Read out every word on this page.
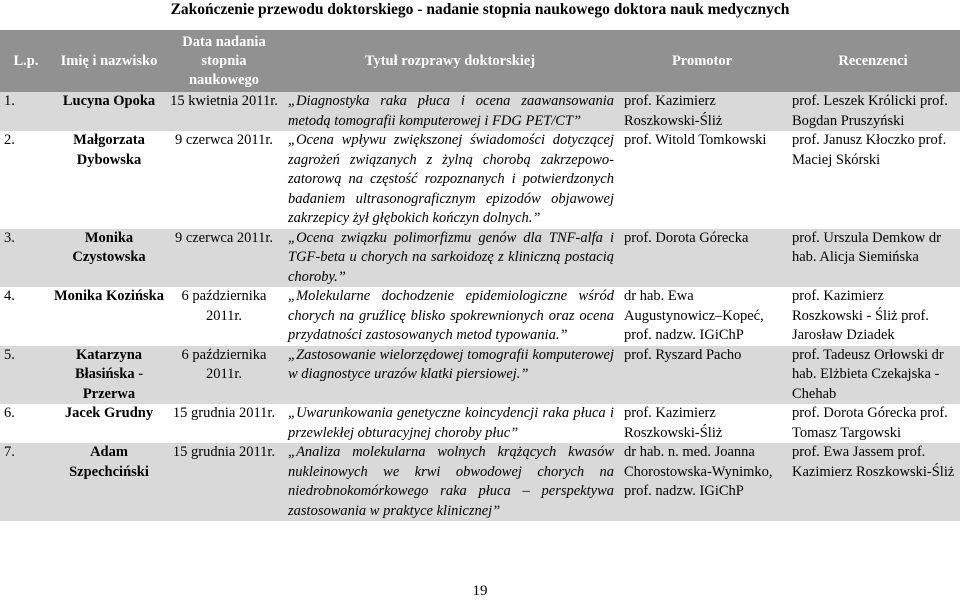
Zakończenie przewodu doktorskiego - nadanie stopnia naukowego doktora nauk medycznych
L.p.	Imię i nazwisko	Data nadania stopnia naukowego	Tytuł rozprawy doktorskiej	Promotor	Recenzenci
1.	Lucyna Opoka	15 kwietnia 2011r.	„Diagnostyka raka płuca i ocena zaawansowania metodą tomografii komputerowej i FDG PET/CT”	prof. Kazimierz Roszkowski-Śliż	prof. Leszek Królicki prof. Bogdan Pruszyński
2.	Małgorzata Dybowska	9 czerwca 2011r.	„Ocena wpływu zwiększonej świadomości dotyczącej zagrożeń związanych z żylną chorobą zakrzepowo-zatorową na częstość rozpoznanych i potwierdzonych badaniem ultrasonograficznym epizodów objawowej zakrzepicy żył głębokich kończyn dolnych.”	prof. Witold Tomkowski	prof. Janusz Kłoczko prof. Maciej Skórski
3.	Monika Czystowska	9 czerwca 2011r.	„Ocena związku polimorfizmu genów dla TNF-alfa i TGF-beta u chorych na sarkoidozę z kliniczną postacią choroby.”	prof. Dorota Górecka	prof. Urszula Demkow dr hab. Alicja Siemińska
4.	Monika Kozińska	6 października 2011r.	„Molekularne dochodzenie epidemiologiczne wśród chorych na gruźlicę blisko spokrewnionych oraz ocena przydatności zastosowanych metod typowania.”	dr hab. Ewa Augustynowicz–Kopeć, prof. nadzw. IGiChP	prof. Kazimierz Roszkowski - Śliż prof. Jarosław Dziadek
5.	Katarzyna Błasińska - Przerwa	6 października 2011r.	„Zastosowanie wielorzędowej tomografii komputerowej w diagnostyce urazów klatki piersiowej.”	prof. Ryszard Pacho	prof. Tadeusz Orłowski dr hab. Elżbieta Czekajska - Chehab
6.	Jacek Grudny	15 grudnia 2011r.	„Uwarunkowania genetyczne koincydencji raka płuca i przewlekłej obturacyjnej choroby płuc”	prof. Kazimierz Roszkowski-Śliż	prof. Dorota Górecka prof. Tomasz Targowski
7.	Adam Szpechciński	15 grudnia 2011r.	„Analiza molekularna wolnych krążących kwasów nukleinowych we krwi obwodowej chorych na niedrobnokomórkowego raka płuca – perspektywa zastosowania w praktyce klinicznej”	dr hab. n. med. Joanna Chorostowska-Wynimko, prof. nadzw. IGiChP	prof. Ewa Jassem prof. Kazimierz Roszkowski-Śliż
19
